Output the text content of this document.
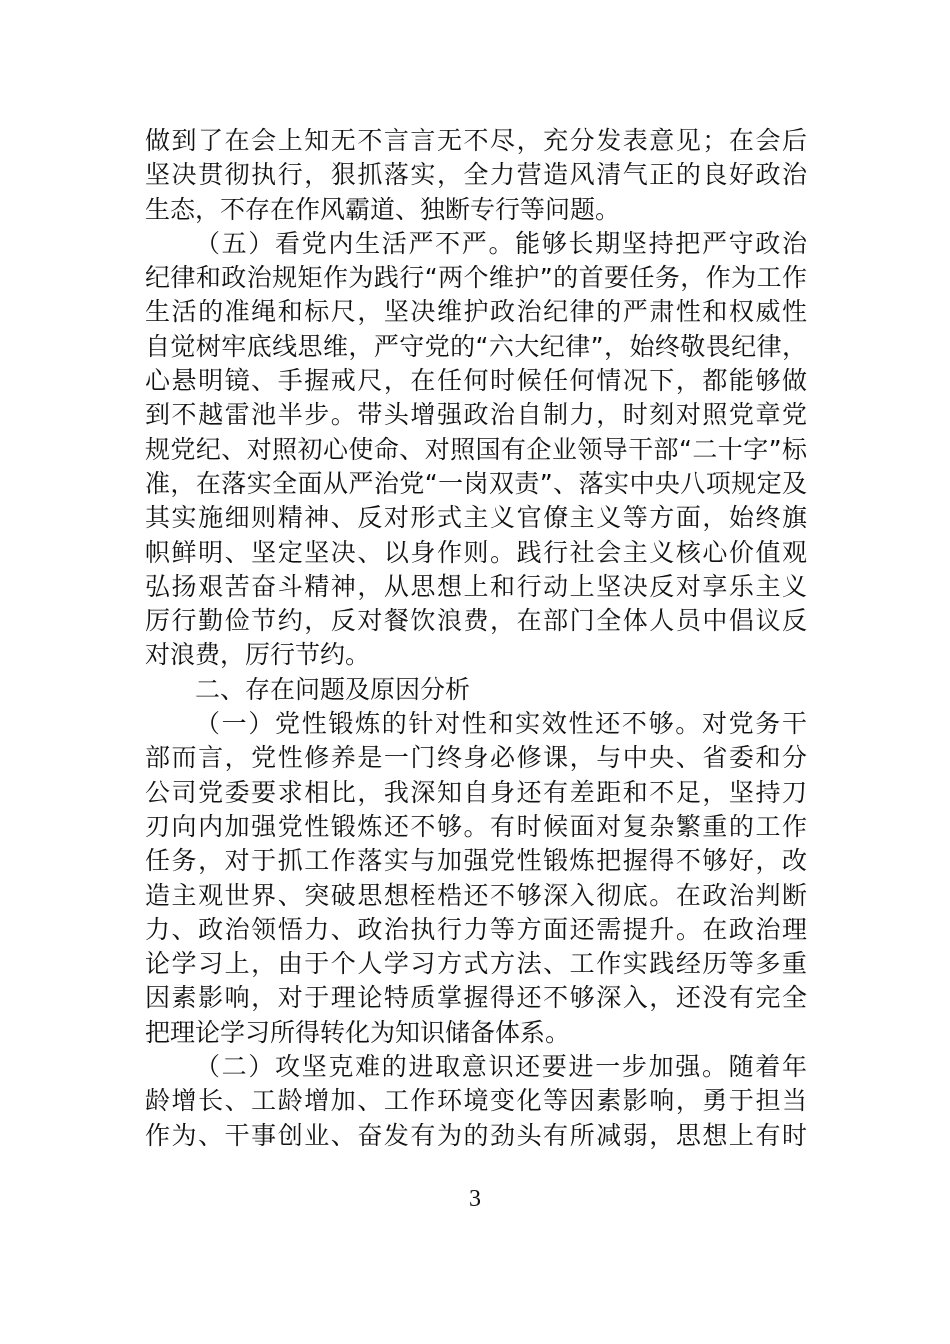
做到了在会上知无不言言无不尽，充分发表意见；在会后
坚决贯彻执行，狠抓落实，全力营造风清气正的良好政治
生态，不存在作风霸道、独断专行等问题。
（五）看党内生活严不严。能够长期坚持把严守政治
纪律和政治规矩作为践行“两个维护”的首要任务，作为工作
生活的准绳和标尺，坚决维护政治纪律的严肃性和权威性
自觉树牢底线思维，严守党的“六大纪律”，始终敬畏纪律，
心悬明镜、手握戒尺，在任何时候任何情况下，都能够做
到不越雷池半步。带头增强政治自制力，时刻对照党章党
规党纪、对照初心使命、对照国有企业领导干部“二十字”标
准，在落实全面从严治党“一岗双责”、落实中央八项规定及
其实施细则精神、反对形式主义官僚主义等方面，始终旗
帜鲜明、坚定坚决、以身作则。践行社会主义核心价值观
弘扬艰苦奋斗精神，从思想上和行动上坚决反对享乐主义
厉行勤俭节约，反对餐饮浪费，在部门全体人员中倡议反
对浪费，厉行节约。
二、存在问题及原因分析
（一）党性锻炼的针对性和实效性还不够。对党务干
部而言，党性修养是一门终身必修课，与中央、省委和分
公司党委要求相比，我深知自身还有差距和不足，坚持刀
刃向内加强党性锻炼还不够。有时候面对复杂繁重的工作
任务，对于抓工作落实与加强党性锻炼把握得不够好，改
造主观世界、突破思想桎梏还不够深入彻底。在政治判断
力、政治领悟力、政治执行力等方面还需提升。在政治理
论学习上，由于个人学习方式方法、工作实践经历等多重
因素影响，对于理论特质掌握得还不够深入，还没有完全
把理论学习所得转化为知识储备体系。
（二）攻坚克难的进取意识还要进一步加强。随着年
龄增长、工龄增加、工作环境变化等因素影响，勇于担当
作为、干事创业、奋发有为的劲头有所减弱，思想上有时
3
